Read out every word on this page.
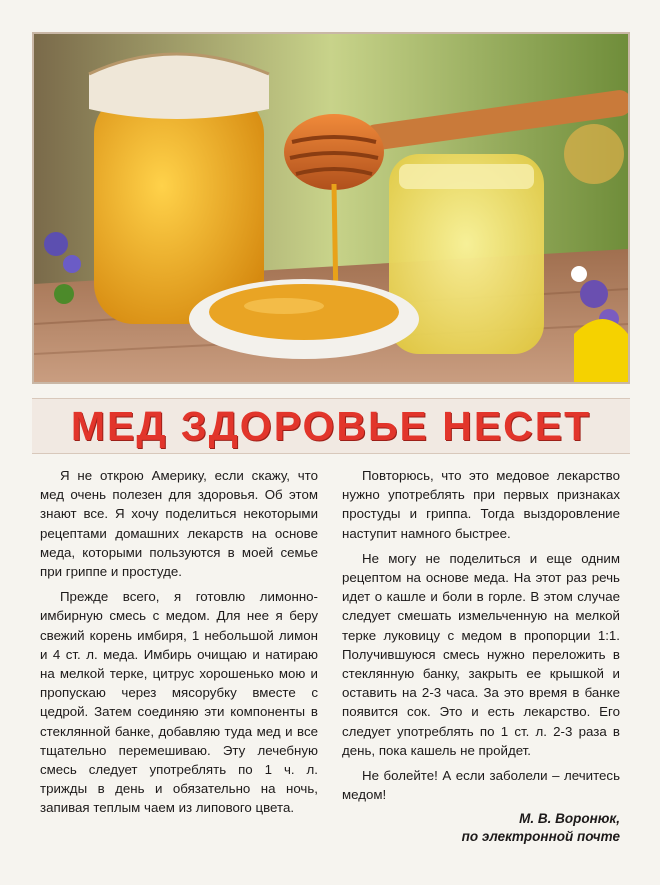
МЕД ЗДОРОВЬЕ НЕСЕТ

Я не открою Америку, если скажу, что мед очень полезен для здоровья. Об этом знают все. Я хочу поделиться некоторыми рецептами домашних лекарств на основе меда, которыми пользуются в моей семье при гриппе и простуде.

Прежде всего, я готовлю лимонно-имбирную смесь с медом. Для нее я беру свежий корень имбиря, 1 небольшой лимон и 4 ст. л. меда. Имбирь очищаю и натираю на мелкой терке, цитрус хорошенько мою и пропускаю через мясорубку вместе с цедрой. Затем соединяю эти компоненты в стеклянной банке, добавляю туда мед и все тщательно перемешиваю. Эту лечебную смесь следует употреблять по 1 ч. л. трижды в день и обязательно на ночь, запивая теплым чаем из липового цвета.

Повторюсь, что это медовое лекарство нужно употреблять при первых признаках простуды и гриппа. Тогда выздоровление наступит намного быстрее.

Не могу не поделиться и еще одним рецептом на основе меда. На этот раз речь идет о кашле и боли в горле. В этом случае следует смешать измельченную на мелкой терке луковицу с медом в пропорции 1:1. Получившуюся смесь нужно переложить в стеклянную банку, закрыть ее крышкой и оставить на 2-3 часа. За это время в банке появится сок. Это и есть лекарство. Его следует употреблять по 1 ст. л. 2-3 раза в день, пока кашель не пройдет.

Не болейте! А если заболели – лечитесь медом!

М. В. Воронюк,
по электронной почте
